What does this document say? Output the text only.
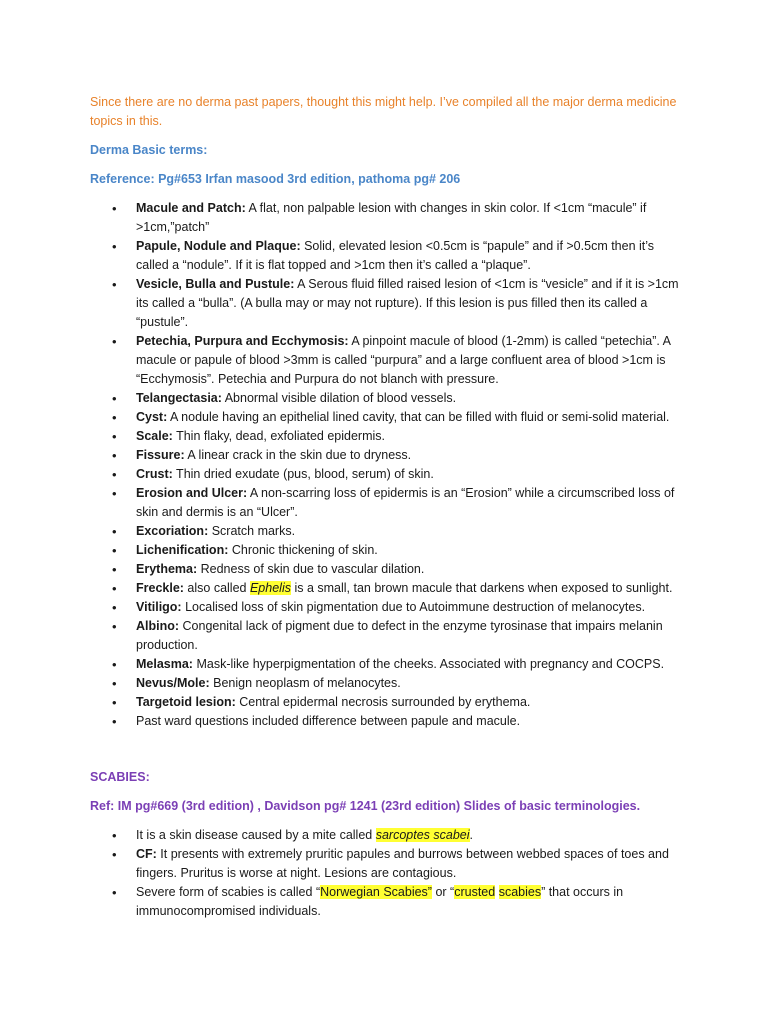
Since there are no derma past papers, thought this might help. I’ve compiled all the major derma medicine topics in this.
Derma Basic terms:
Reference: Pg#653 Irfan masood 3rd edition, pathoma pg# 206
• Macule and Patch: A flat, non palpable lesion with changes in skin color. If <1cm “macule” if >1cm,”patch”
• Papule, Nodule and Plaque: Solid, elevated lesion <0.5cm is “papule” and if >0.5cm then it’s called a “nodule”. If it is flat topped and >1cm then it’s called a “plaque”.
• Vesicle, Bulla and Pustule: A Serous fluid filled raised lesion of <1cm is “vesicle” and if it is >1cm its called a “bulla”. (A bulla may or may not rupture). If this lesion is pus filled then its called a “pustule”.
• Petechia, Purpura and Ecchymosis: A pinpoint macule of blood (1-2mm) is called “petechia”. A macule or papule of blood >3mm is called “purpura” and a large confluent area of blood >1cm is “Ecchymosis”. Petechia and Purpura do not blanch with pressure.
• Telangectasia: Abnormal visible dilation of blood vessels.
• Cyst: A nodule having an epithelial lined cavity, that can be filled with fluid or semi-solid material.
• Scale: Thin flaky, dead, exfoliated epidermis.
• Fissure: A linear crack in the skin due to dryness.
• Crust: Thin dried exudate (pus, blood, serum) of skin.
• Erosion and Ulcer: A non-scarring loss of epidermis is an “Erosion” while a circumscribed loss of skin and dermis is an “Ulcer”.
• Excoriation: Scratch marks.
• Lichenification: Chronic thickening of skin.
• Erythema: Redness of skin due to vascular dilation.
• Freckle: also called Ephelis is a small, tan brown macule that darkens when exposed to sunlight.
• Vitiligo: Localised loss of skin pigmentation due to Autoimmune destruction of melanocytes.
• Albino: Congenital lack of pigment due to defect in the enzyme tyrosinase that impairs melanin production.
• Melasma: Mask-like hyperpigmentation of the cheeks. Associated with pregnancy and COCPS.
• Nevus/Mole: Benign neoplasm of melanocytes.
• Targetoid lesion: Central epidermal necrosis surrounded by erythema.
• Past ward questions included difference between papule and macule.
SCABIES:
Ref: IM pg#669 (3rd edition) , Davidson pg# 1241 (23rd edition) Slides of basic terminologies.
• It is a skin disease caused by a mite called sarcoptes scabei.
• CF: It presents with extremely pruritic papules and burrows between webbed spaces of toes and fingers. Pruritus is worse at night. Lesions are contagious.
• Severe form of scabies is called “Norwegian Scabies” or “crusted scabies” that occurs in immunocompromised individuals.
